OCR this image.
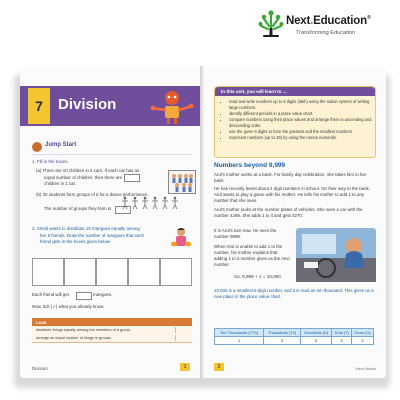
Next.Education®
Transforming Education
7	Division
Jump Start
1. Fill in the boxes.
(a) There are 10 children in 5 cars. If each car has an
equal number of children, then there are
children in 1 car.
(b) 30 students form groups of 5 for a dance performance.
The number of groups they form is
2. Smriti wants to distribute 10 mangoes equally among
her 5 friends. Draw the number of mangoes that each
friend gets in the boxes given below.
Each friend will get	mangoes.
Now, tick (✓) what you already know.
Loan
distribute things equally among the members of a group.
arrange an equal number of things in groups.
Division	1
In this unit, you will learn to ...
• read and write numbers up to 6 digits (lakh) using the Indian system of writing large numbers.
• identify different periods in a place value chart.
• compare numbers using their place values and arrange them in ascending and descending order.
• use the given 6 digits to form the greatest and the smallest numbers.
• represent numbers (up to 39) by using the roman numerals.
Numbers beyond 9,999
Arul's mother works at a bank. For family day celebration, she takes him to her bank.
He has recently learnt about 4 digit numbers in school. On their way to the bank, Arul wants to play a game with his mother. He tells his mother to add 1 to any number that she sees.
Arul's mother looks at the number plates of vehicles. She sees a car with the number 4269. She adds 1 to it and gets 4270.
It is Arul's turn now. He sees the
number 9999.
When Arul is unable to add 1 to the
number, his mother explains that
adding 1 to a number gives us the next
number.
So, 9,999 + 1 = 10,000
10,000 is a smallest 5-digit number, and it is read as ten thousand. This gives us a new place in the place value chart.
Ten Thousands (TTh)	Thousands (Th)	Hundreds (H)	Tens (T)	Ones (O)
1	0	0	0	0
2	Next Maths
